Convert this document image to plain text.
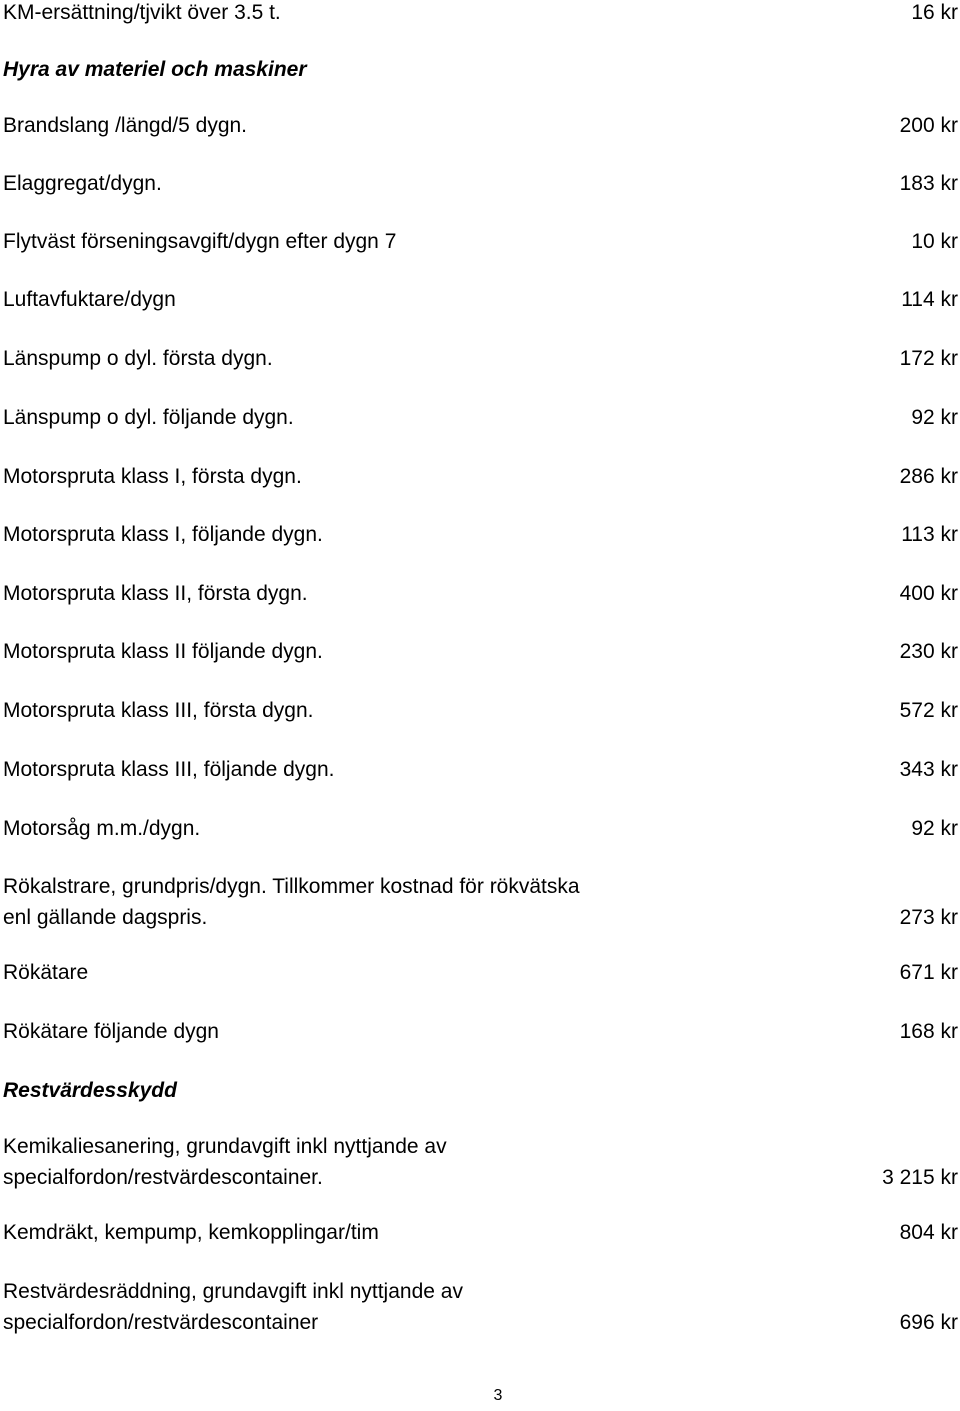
KM-ersättning/tjvikt över 3.5 t.	16 kr
Hyra av materiel och maskiner
Brandslang /längd/5 dygn.	200 kr
Elaggregat/dygn.	183 kr
Flytväst förseningsavgift/dygn efter dygn 7	10 kr
Luftavfuktare/dygn	114 kr
Länspump o dyl. första dygn.	172 kr
Länspump o dyl. följande dygn.	92 kr
Motorspruta klass I, första dygn.	286 kr
Motorspruta klass I, följande dygn.	113 kr
Motorspruta klass II, första dygn.	400 kr
Motorspruta klass II följande dygn.	230 kr
Motorspruta klass III, första dygn.	572 kr
Motorspruta klass III, följande dygn.	343 kr
Motorsåg m.m./dygn.	92 kr
Rökalstrare, grundpris/dygn. Tillkommer kostnad för rökvätska
enl gällande dagspris.	273 kr
Rökätare	671 kr
Rökätare följande dygn	168 kr
Restvärdesskydd
Kemikaliesanering, grundavgift inkl nyttjande av
specialfordon/restvärdescontainer.	3 215 kr
Kemdräkt, kempump, kemkopplingar/tim	804 kr
Restvärdesräddning, grundavgift inkl nyttjande av
specialfordon/restvärdescontainer	696 kr
3
